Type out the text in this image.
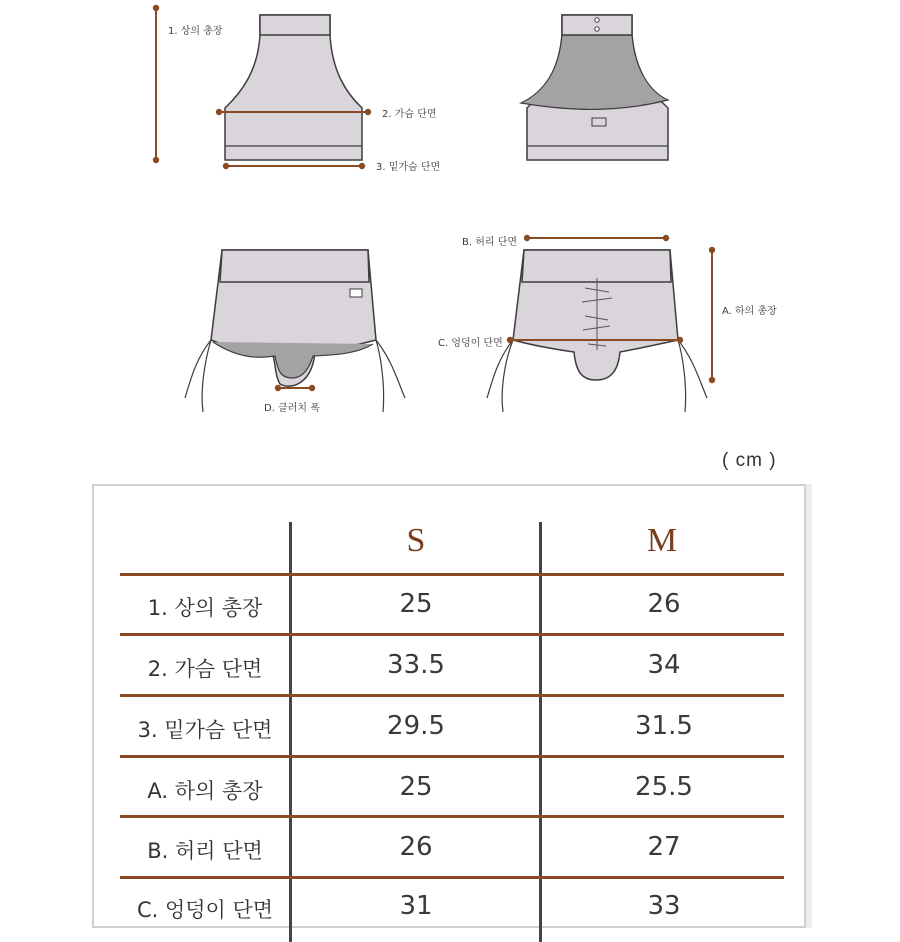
1. 상의 총장
2. 가슴 단면
3. 밑가슴 단면
B. 허리 단면
A. 하의 총장
C. 엉덩이 단면
D. 클러치 폭
( cm )
S	M
1. 상의 총장	25	26
2. 가슴 단면	33.5	34
3. 밑가슴 단면	29.5	31.5
A. 하의 총장	25	25.5
B. 허리 단면	26	27
C. 엉덩이 단면	31	33
